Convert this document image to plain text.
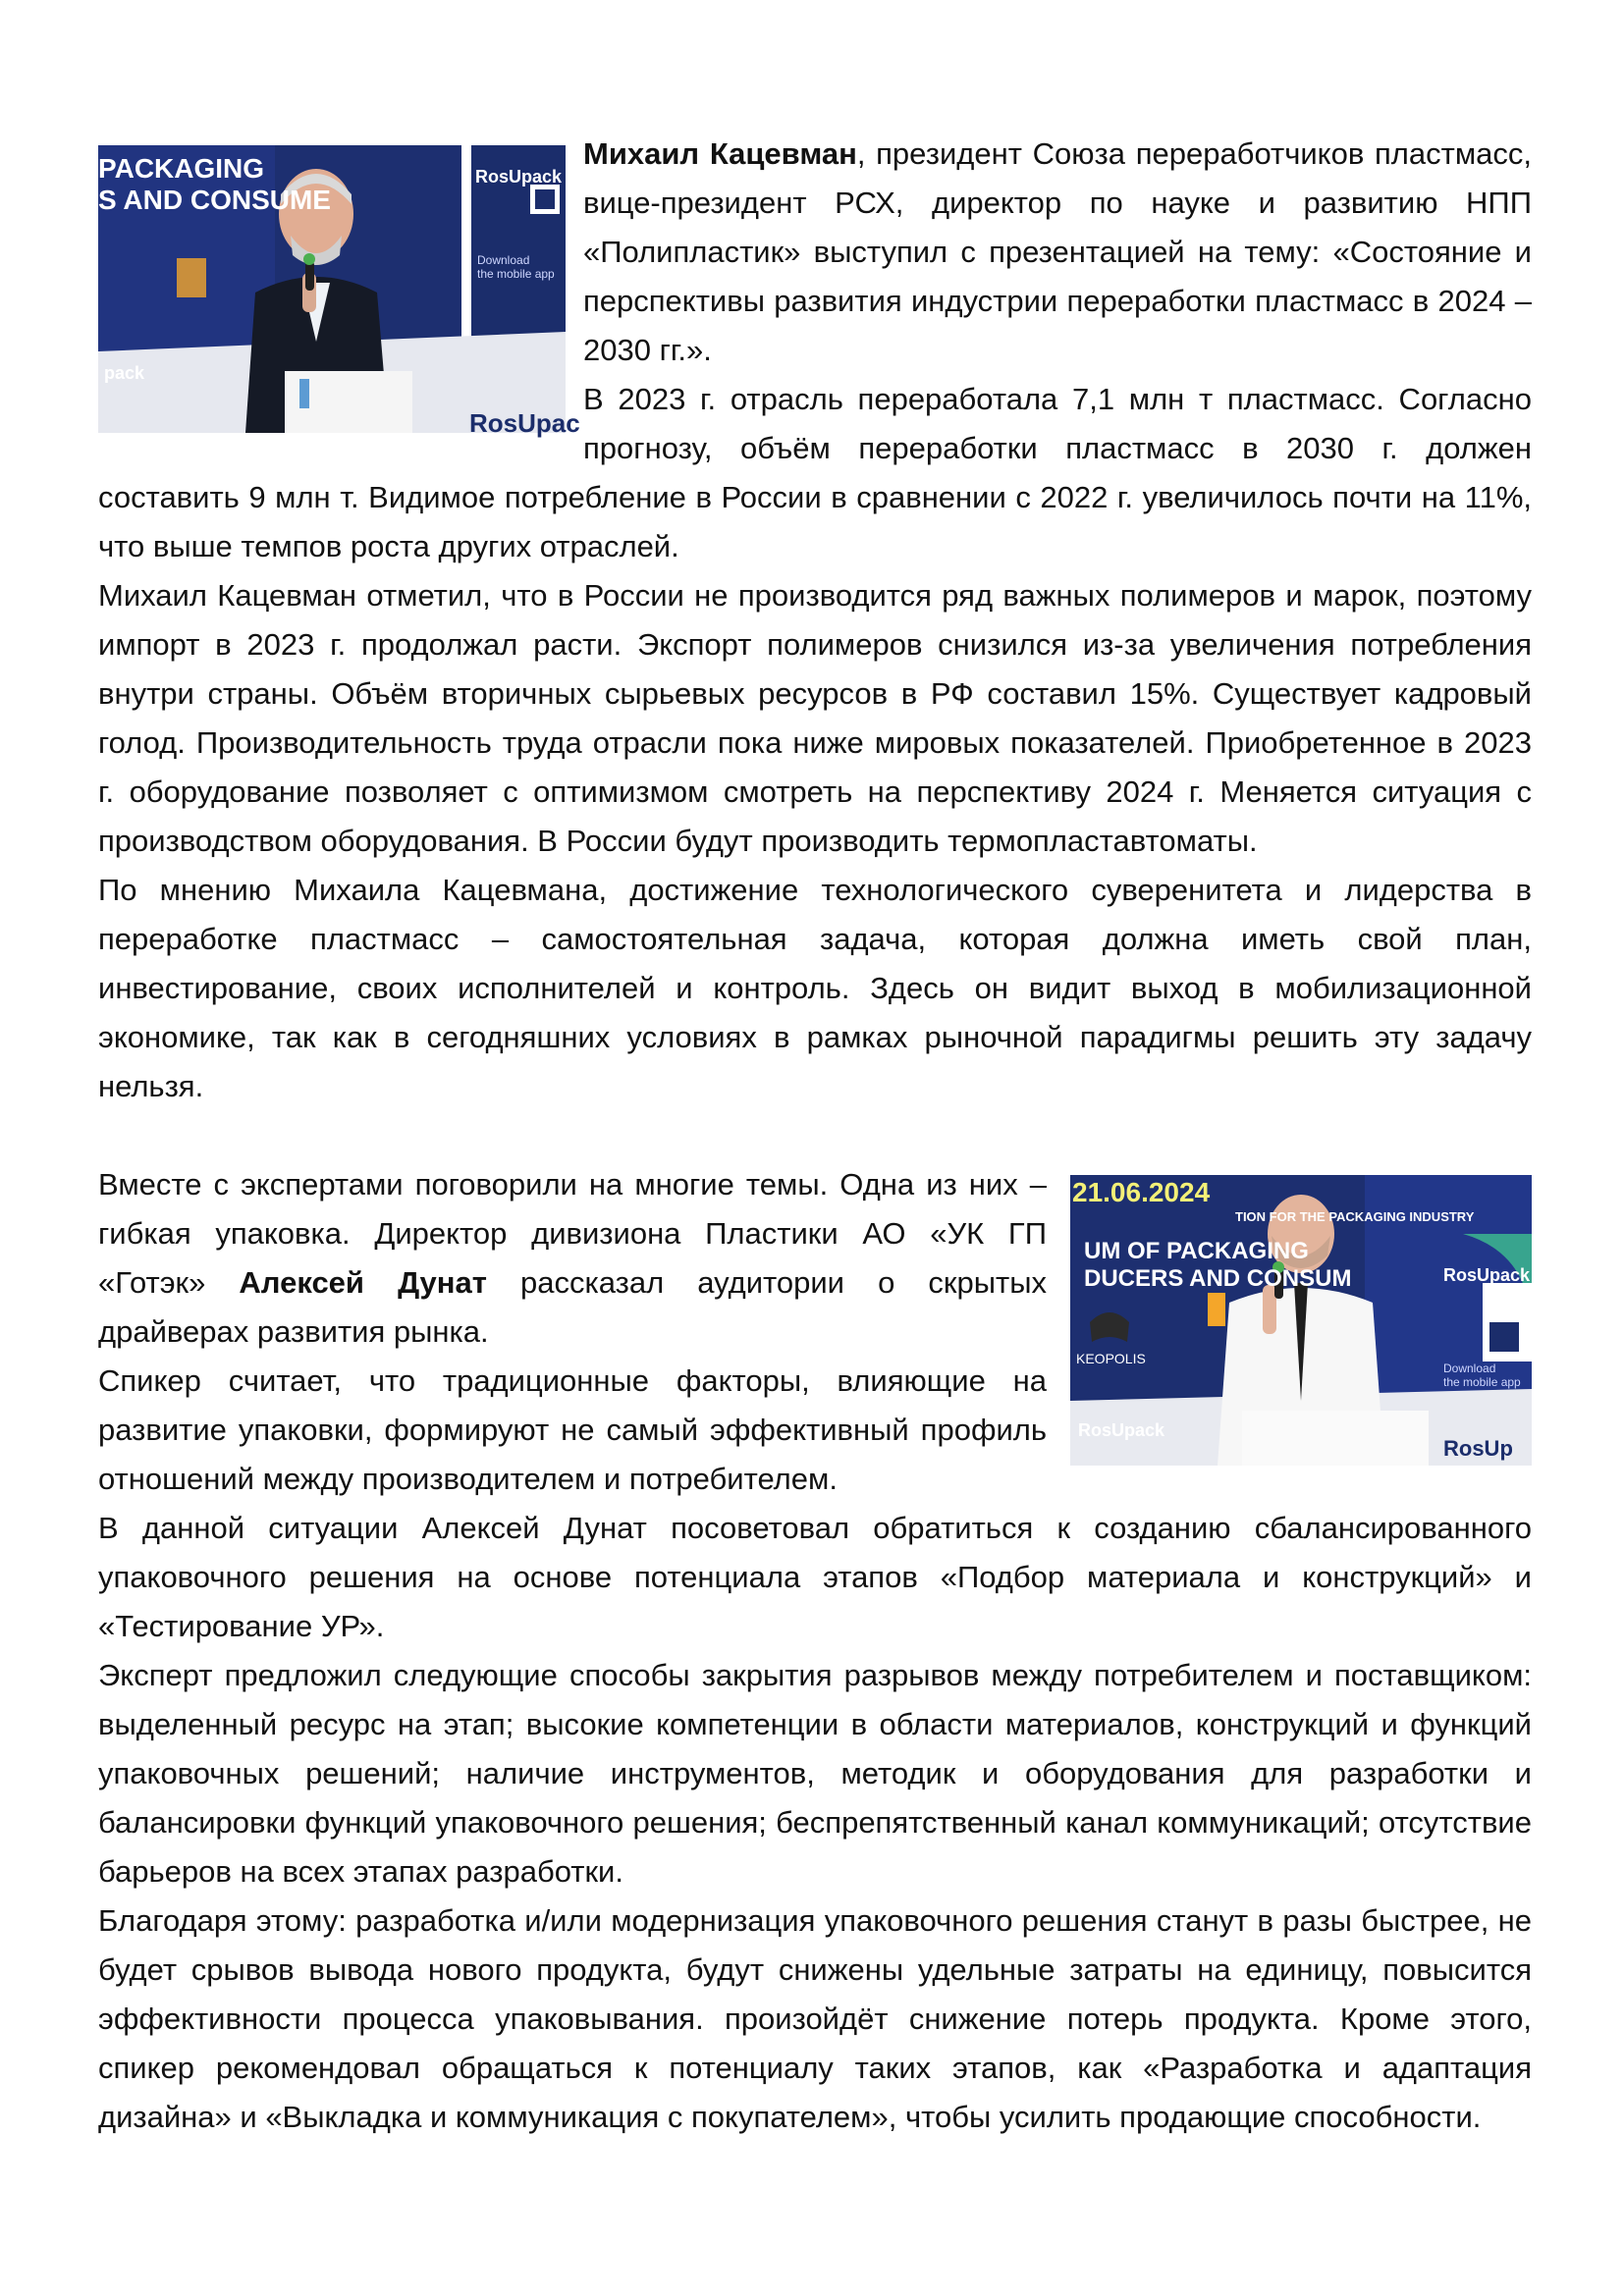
PACKAGING
S AND CONSUME
RosUpack
Download
the mobile app
pack
RosUpac
21.06.2024
TION FOR THE PACKAGING INDUSTRY
UM OF PACKAGING
DUCERS AND CONSUM	RosUpack
Download
the mobile app
KEOPOLIS
RosUpack
RosUp

Михаил Кацевман, президент Союза переработчиков пластмасс, вице-президент РСХ, директор по науке и развитию НПП «Полипластик» выступил с презентацией на тему: «Состояние и перспективы развития индустрии переработки пластмасс в 2024 – 2030 гг.».

В 2023 г. отрасль переработала 7,1 млн т пластмасс. Согласно прогнозу, объём переработки пластмасс в 2030 г. должен составить 9 млн т. Видимое потребление в России в сравнении с 2022 г. увеличилось почти на 11%, что выше темпов роста других отраслей.

Михаил Кацевман отметил, что в России не производится ряд важных полимеров и марок, поэтому импорт в 2023 г. продолжал расти. Экспорт полимеров снизился из-за увеличения потребления внутри страны. Объём вторичных сырьевых ресурсов в РФ составил 15%. Существует кадровый голод. Производительность труда отрасли пока ниже мировых показателей. Приобретенное в 2023 г. оборудование позволяет с оптимизмом смотреть на перспективу 2024 г. Меняется ситуация с производством оборудования. В России будут производить термопластавтоматы.

По мнению Михаила Кацевмана, достижение технологического суверенитета и лидерства в переработке пластмасс – самостоятельная задача, которая должна иметь свой план, инвестирование, своих исполнителей и контроль. Здесь он видит выход в мобилизационной экономике, так как в сегодняшних условиях в рамках рыночной парадигмы решить эту задачу нельзя.

Вместе с экспертами поговорили на многие темы. Одна из них – гибкая упаковка. Директор дивизиона Пластики АО «УК ГП «Готэк» Алексей Дунат рассказал аудитории о скрытых драйверах развития рынка.

Спикер считает, что традиционные факторы, влияющие на развитие упаковки, формируют не самый эффективный профиль отношений между производителем и потребителем.

В данной ситуации Алексей Дунат посоветовал обратиться к созданию сбалансированного упаковочного решения на основе потенциала этапов «Подбор материала и конструкций» и «Тестирование УР».

Эксперт предложил следующие способы закрытия разрывов между потребителем и поставщиком: выделенный ресурс на этап; высокие компетенции в области материалов, конструкций и функций упаковочных решений; наличие инструментов, методик и оборудования для разработки и балансировки функций упаковочного решения; беспрепятственный канал коммуникаций; отсутствие барьеров на всех этапах разработки.

Благодаря этому: разработка и/или модернизация упаковочного решения станут в разы быстрее, не будет срывов вывода нового продукта, будут снижены удельные затраты на единицу, повысится эффективности процесса упаковывания. произойдёт снижение потерь продукта. Кроме этого, спикер рекомендовал обращаться к потенциалу таких этапов, как «Разработка и адаптация дизайна» и «Выкладка и коммуникация с покупателем», чтобы усилить продающие способности.
